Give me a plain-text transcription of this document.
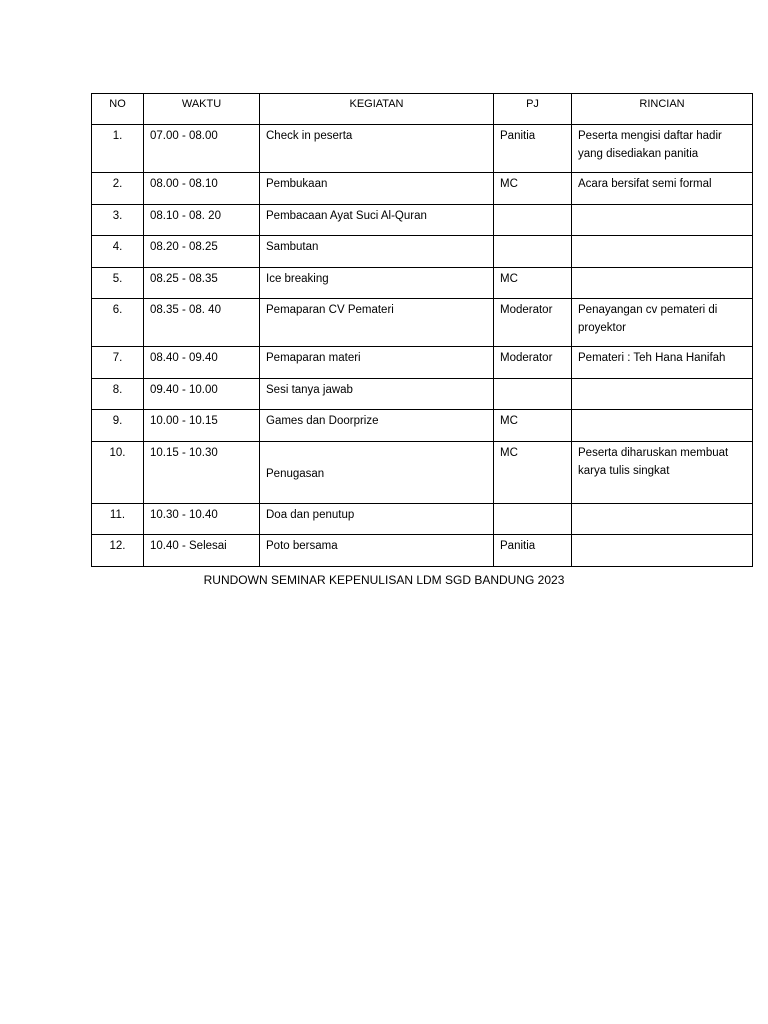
NO	WAKTU	KEGIATAN	PJ	RINCIAN
1.	07.00 - 08.00	Check in peserta	Panitia	Peserta mengisi daftar hadir yang disediakan panitia
2.	08.00 - 08.10	Pembukaan	MC	Acara bersifat semi formal
3.	08.10 - 08. 20	Pembacaan Ayat Suci Al-Quran		
4.	08.20 - 08.25	Sambutan		
5.	08.25 - 08.35	Ice breaking	MC	
6.	08.35 - 08. 40	Pemaparan CV Pemateri	Moderator	Penayangan cv pemateri di proyektor
7.	08.40 - 09.40	Pemaparan materi	Moderator	Pemateri : Teh Hana Hanifah
8.	09.40 - 10.00	Sesi tanya jawab		
9.	10.00 - 10.15	Games dan Doorprize	MC	
10.	10.15 - 10.30	Penugasan	MC	Peserta diharuskan membuat karya tulis singkat
11.	10.30 - 10.40	Doa dan penutup		
12.	10.40 - Selesai	Poto bersama	Panitia	
RUNDOWN SEMINAR KEPENULISAN LDM SGD BANDUNG 2023
